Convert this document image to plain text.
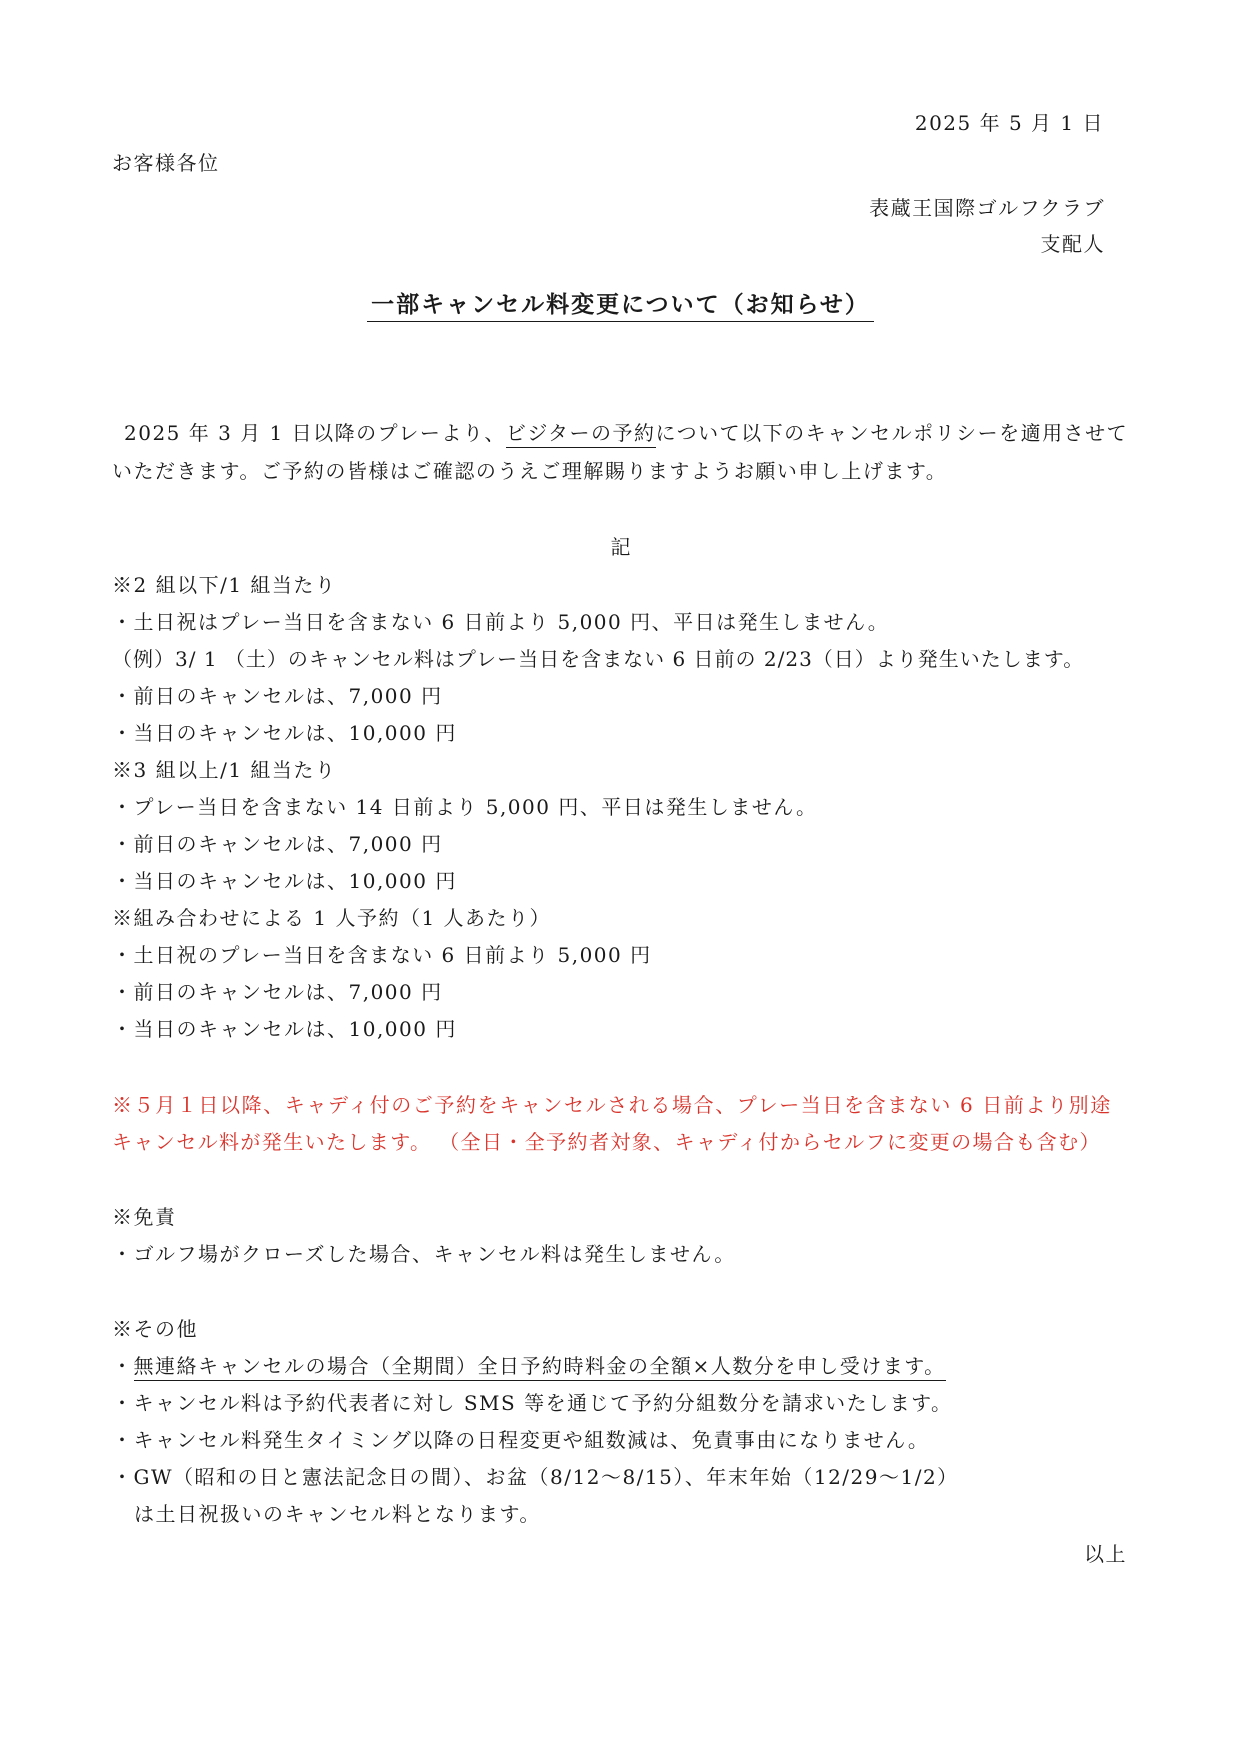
2025 年 5 月 1 日
お客様各位
表蔵王国際ゴルフクラブ
支配人
一部キャンセル料変更について（お知らせ）
2025 年 3 月 1 日以降のプレーより、ビジターの予約について以下のキャンセルポリシーを適用させて
いただきます。ご予約の皆様はご確認のうえご理解賜りますようお願い申し上げます。
記
※2 組以下/1 組当たり
・土日祝はプレー当日を含まない 6 日前より 5,000 円、平日は発生しません。
（例）3/ 1 （土）のキャンセル料はプレー当日を含まない 6 日前の 2/23（日）より発生いたします。
・前日のキャンセルは、7,000 円
・当日のキャンセルは、10,000 円
※3 組以上/1 組当たり
・プレー当日を含まない 14 日前より 5,000 円、平日は発生しません。
・前日のキャンセルは、7,000 円
・当日のキャンセルは、10,000 円
※組み合わせによる 1 人予約（1 人あたり）
・土日祝のプレー当日を含まない 6 日前より 5,000 円
・前日のキャンセルは、7,000 円
・当日のキャンセルは、10,000 円
※５月１日以降、キャディ付のご予約をキャンセルされる場合、プレー当日を含まない 6 日前より別途
キャンセル料が発生いたします。 （全日・全予約者対象、キャディ付からセルフに変更の場合も含む）
※免責
・ゴルフ場がクローズした場合、キャンセル料は発生しません。
※その他
・無連絡キャンセルの場合（全期間）全日予約時料金の全額×人数分を申し受けます。
・キャンセル料は予約代表者に対し SMS 等を通じて予約分組数分を請求いたします。
・キャンセル料発生タイミング以降の日程変更や組数減は、免責事由になりません。
・GW（昭和の日と憲法記念日の間）、お盆（8/12〜8/15）、年末年始（12/29〜1/2）
は土日祝扱いのキャンセル料となります。
以上
